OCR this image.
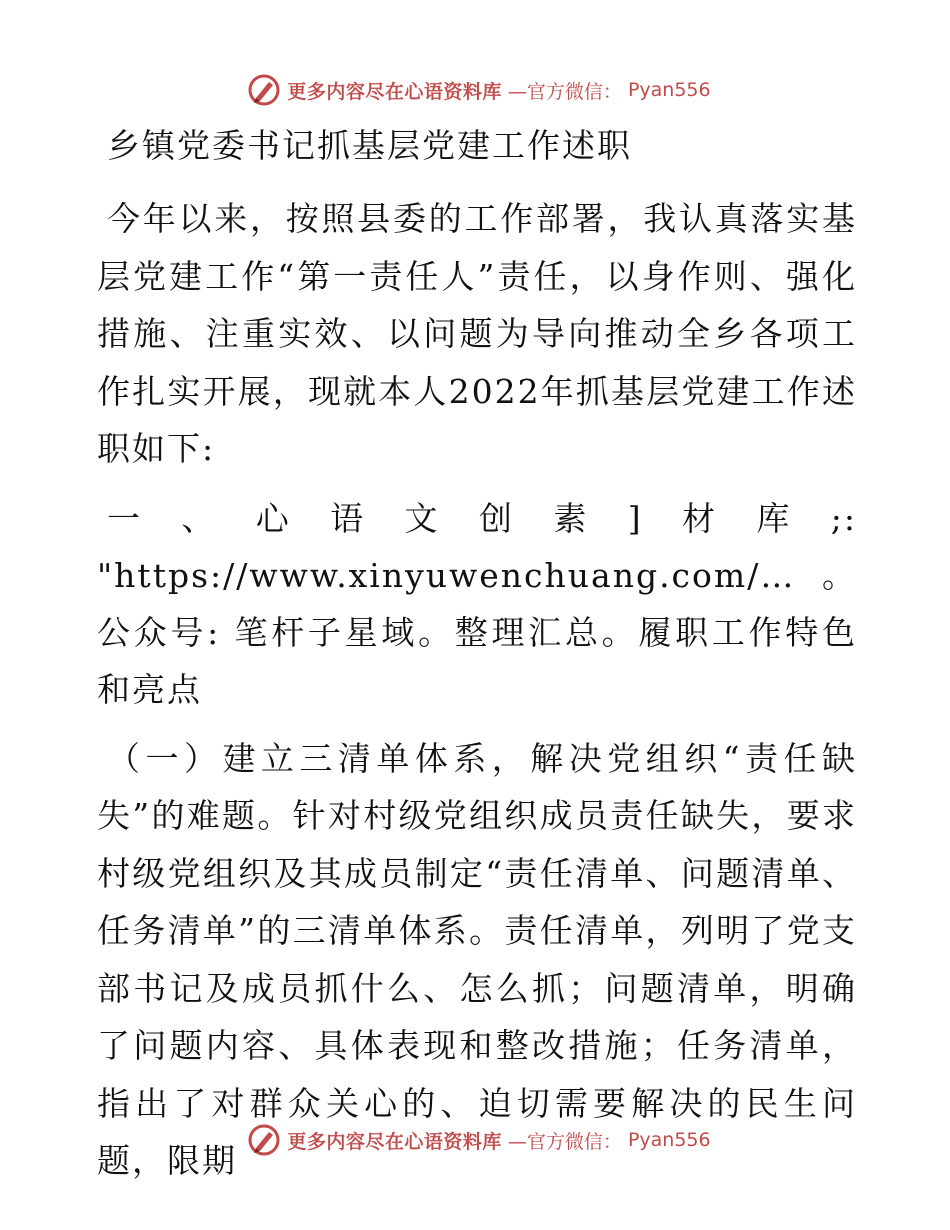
更多内容尽在心语资料库 —官方微信： Pyan556
乡镇党委书记抓基层党建工作述职

今年以来，按照县委的工作部署，我认真落实基层党建工作“第一责任人”责任，以身作则、强化措施、注重实效、以问题为导向推动全乡各项工作扎实开展，现就本人2022年抓基层党建工作述职如下:

一、心语文创素]材库;: "https://www.xinyuwenchuang.com/…。公众号: 笔杆子星域。整理汇总。履职工作特色和亮点

（一）建立三清单体系，解决党组织“责任缺失”的难题。针对村级党组织成员责任缺失，要求村级党组织及其成员制定“责任清单、问题清单、任务清单”的三清单体系。责任清单，列明了党支部书记及成员抓什么、怎么抓；问题清单，明确了问题内容、具体表现和整改措施；任务清单，指出了对群众关心的、迫切需要解决的民生问题，限期	更多内容尽在心语资料库 —官方微信： Pyan556
